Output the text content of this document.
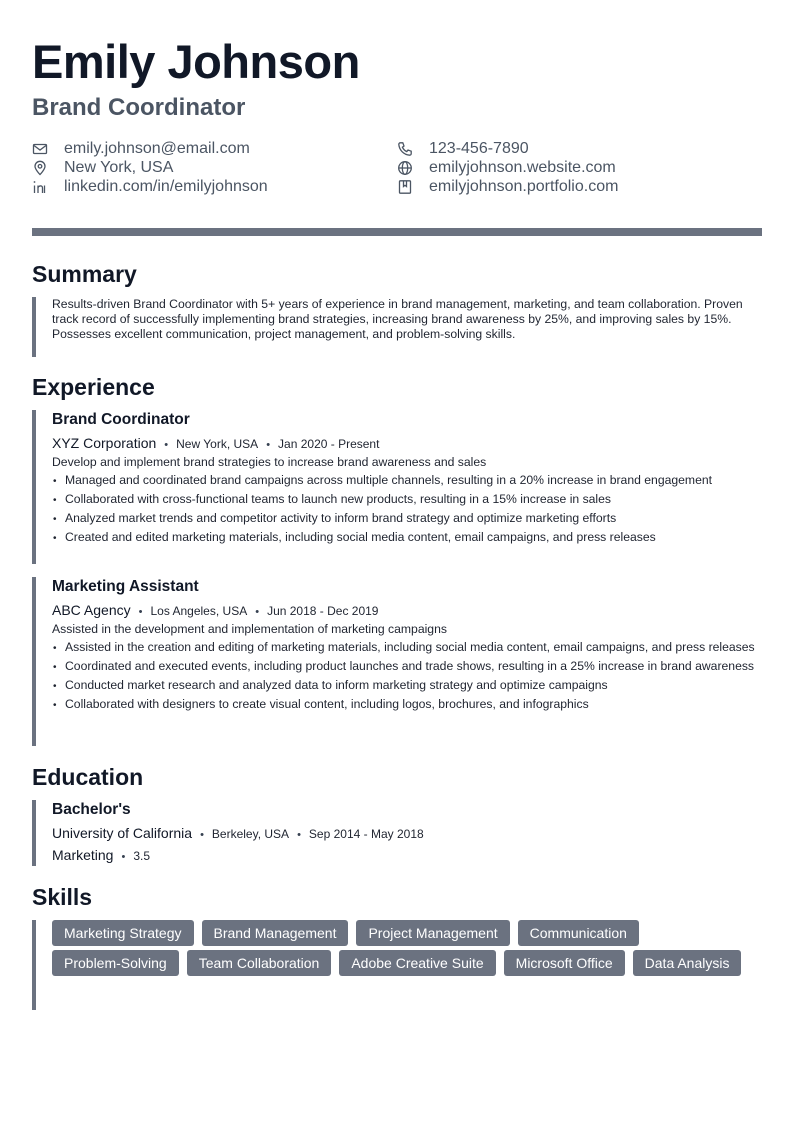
Emily Johnson
Brand Coordinator
emily.johnson@email.com
New York, USA
linkedin.com/in/emilyjohnson
123-456-7890
emilyjohnson.website.com
emilyjohnson.portfolio.com
Summary
Results-driven Brand Coordinator with 5+ years of experience in brand management, marketing, and team collaboration. Proven track record of successfully implementing brand strategies, increasing brand awareness by 25%, and improving sales by 15%. Possesses excellent communication, project management, and problem-solving skills.
Experience
Brand Coordinator
XYZ Corporation • New York, USA • Jan 2020 - Present
Develop and implement brand strategies to increase brand awareness and sales
• Managed and coordinated brand campaigns across multiple channels, resulting in a 20% increase in brand engagement
• Collaborated with cross-functional teams to launch new products, resulting in a 15% increase in sales
• Analyzed market trends and competitor activity to inform brand strategy and optimize marketing efforts
• Created and edited marketing materials, including social media content, email campaigns, and press releases
Marketing Assistant
ABC Agency • Los Angeles, USA • Jun 2018 - Dec 2019
Assisted in the development and implementation of marketing campaigns
• Assisted in the creation and editing of marketing materials, including social media content, email campaigns, and press releases
• Coordinated and executed events, including product launches and trade shows, resulting in a 25% increase in brand awareness
• Conducted market research and analyzed data to inform marketing strategy and optimize campaigns
• Collaborated with designers to create visual content, including logos, brochures, and infographics
Education
Bachelor's
University of California • Berkeley, USA • Sep 2014 - May 2018
Marketing • 3.5
Skills
Marketing Strategy	Brand Management	Project Management	Communication
Problem-Solving	Team Collaboration	Adobe Creative Suite	Microsoft Office	Data Analysis
